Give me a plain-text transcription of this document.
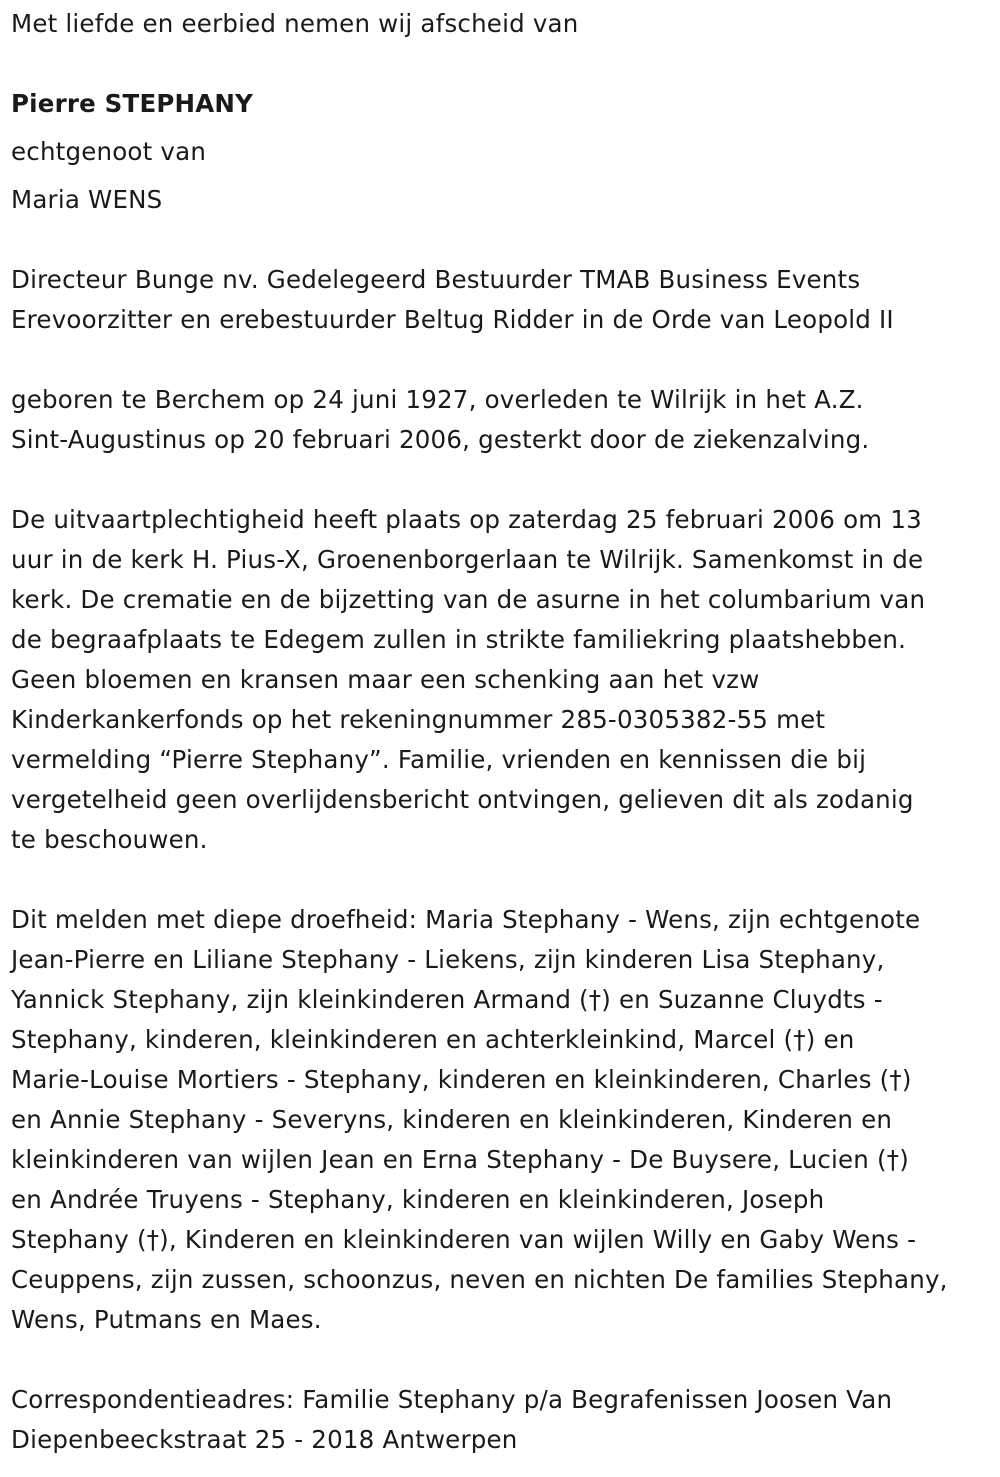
Met liefde en eerbied nemen wij afscheid van
Pierre STEPHANY
echtgenoot van
Maria WENS
Directeur Bunge nv. Gedelegeerd Bestuurder TMAB Business Events
Erevoorzitter en erebestuurder Beltug Ridder in de Orde van Leopold II
geboren te Berchem op 24 juni 1927, overleden te Wilrijk in het A.Z.
Sint-Augustinus op 20 februari 2006, gesterkt door de ziekenzalving.
De uitvaartplechtigheid heeft plaats op zaterdag 25 februari 2006 om 13
uur in de kerk H. Pius-X, Groenenborgerlaan te Wilrijk. Samenkomst in de
kerk. De crematie en de bijzetting van de asurne in het columbarium van
de begraafplaats te Edegem zullen in strikte familiekring plaatshebben.
Geen bloemen en kransen maar een schenking aan het vzw
Kinderkankerfonds op het rekeningnummer 285-0305382-55 met
vermelding “Pierre Stephany”. Familie, vrienden en kennissen die bij
vergetelheid geen overlijdensbericht ontvingen, gelieven dit als zodanig
te beschouwen.
Dit melden met diepe droefheid: Maria Stephany - Wens, zijn echtgenote
Jean-Pierre en Liliane Stephany - Liekens, zijn kinderen Lisa Stephany,
Yannick Stephany, zijn kleinkinderen Armand (†) en Suzanne Cluydts -
Stephany, kinderen, kleinkinderen en achterkleinkind, Marcel (†) en
Marie-Louise Mortiers - Stephany, kinderen en kleinkinderen, Charles (†)
en Annie Stephany - Severyns, kinderen en kleinkinderen, Kinderen en
kleinkinderen van wijlen Jean en Erna Stephany - De Buysere, Lucien (†)
en Andrée Truyens - Stephany, kinderen en kleinkinderen, Joseph
Stephany (†), Kinderen en kleinkinderen van wijlen Willy en Gaby Wens -
Ceuppens, zijn zussen, schoonzus, neven en nichten De families Stephany,
Wens, Putmans en Maes.
Correspondentieadres: Familie Stephany p/a Begrafenissen Joosen Van
Diepenbeeckstraat 25 - 2018 Antwerpen
